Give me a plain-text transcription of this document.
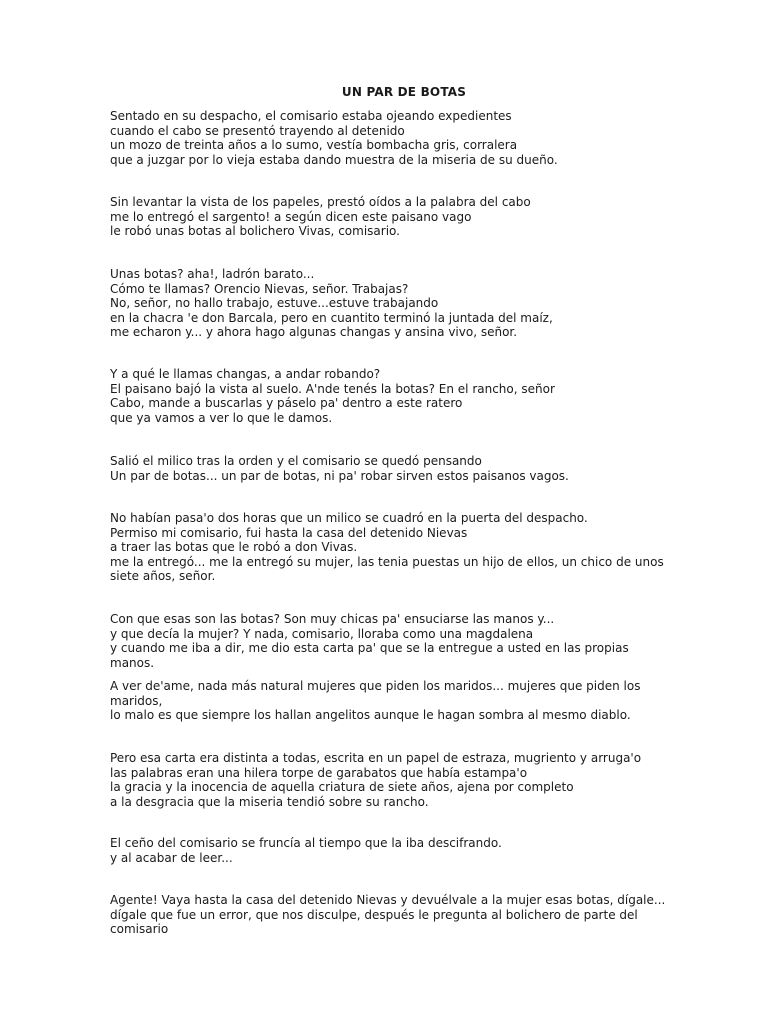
UN PAR DE BOTAS
Sentado en su despacho, el comisario estaba ojeando expedientes
cuando el cabo se presentó trayendo al detenido
un mozo de treinta años a lo sumo, vestía bombacha gris, corralera
que a juzgar por lo vieja estaba dando muestra de la miseria de su dueño.
Sin levantar la vista de los papeles, prestó oídos a la palabra del cabo
me lo entregó el sargento! a según dicen este paisano vago
le robó unas botas al bolichero Vivas, comisario.
Unas botas? aha!, ladrón barato...
Cómo te llamas? Orencio Nievas, señor. Trabajas?
No, señor, no hallo trabajo, estuve...estuve trabajando
en la chacra 'e don Barcala, pero en cuantito terminó la juntada del maíz,
me echaron y... y ahora hago algunas changas y ansina vivo, señor.
Y a qué le llamas changas, a andar robando?
El paisano bajó la vista al suelo. A'nde tenés la botas? En el rancho, señor
Cabo, mande a buscarlas y páselo pa' dentro a este ratero
que ya vamos a ver lo que le damos.
Salió el milico tras la orden y el comisario se quedó pensando
Un par de botas... un par de botas, ni pa' robar sirven estos paisanos vagos.
No habían pasa'o dos horas que un milico se cuadró en la puerta del despacho.
Permiso mi comisario, fui hasta la casa del detenido Nievas
a traer las botas que le robó a don Vivas.
me la entregó... me la entregó su mujer, las tenia puestas un hijo de ellos, un chico de unos
siete años, señor.
Con que esas son las botas? Son muy chicas pa' ensuciarse las manos y...
y que decía la mujer? Y nada, comisario, lloraba como una magdalena
y cuando me iba a dir, me dio esta carta pa' que se la entregue a usted en las propias
manos.
A ver de'ame, nada más natural mujeres que piden los maridos... mujeres que piden los
maridos,
lo malo es que siempre los hallan angelitos aunque le hagan sombra al mesmo diablo.
Pero esa carta era distinta a todas, escrita en un papel de estraza, mugriento y arruga'o
las palabras eran una hilera torpe de garabatos que había estampa'o
la gracia y la inocencia de aquella criatura de siete años, ajena por completo
a la desgracia que la miseria tendió sobre su rancho.
El ceño del comisario se fruncía al tiempo que la iba descifrando.
y al acabar de leer...
Agente! Vaya hasta la casa del detenido Nievas y devuélvale a la mujer esas botas, dígale...
dígale que fue un error, que nos disculpe, después le pregunta al bolichero de parte del
comisario
